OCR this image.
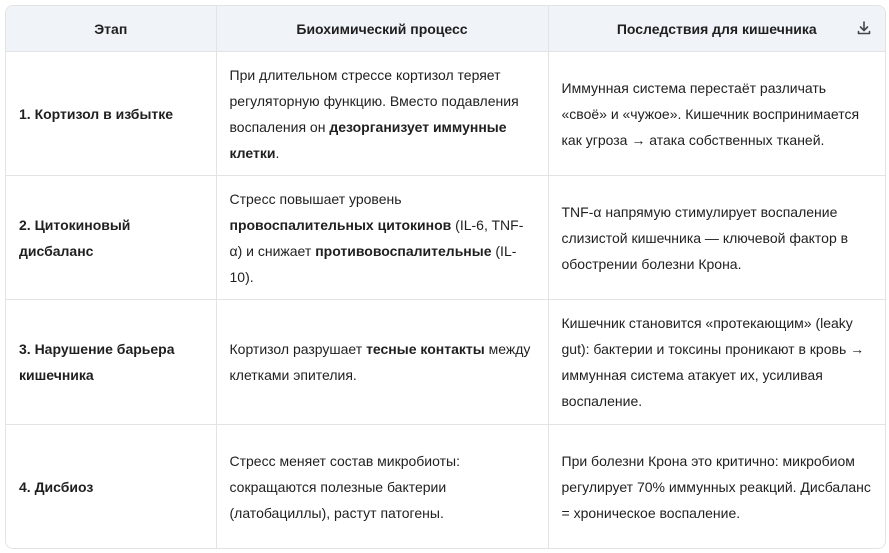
Этап	Биохимический процесс	Последствия для кишечника

1. Кортизол в избытке	При длительном стрессе кортизол теряет регуляторную функцию. Вместо подавления воспаления он дезорганизует иммунные клетки.	Иммунная система перестаёт различать «своё» и «чужое». Кишечник воспринимается как угроза → атака собственных тканей.
2. Цитокиновый дисбаланс	Стресс повышает уровень провоспалительных цитокинов (IL-6, TNF-α) и снижает противовоспалительные (IL-10).	TNF-α напрямую стимулирует воспаление слизистой кишечника — ключевой фактор в обострении болезни Крона.
3. Нарушение барьера кишечника	Кортизол разрушает тесные контакты между клетками эпителия.	Кишечник становится «протекающим» (leaky gut): бактерии и токсины проникают в кровь → иммунная система атакует их, усиливая воспаление.
4. Дисбиоз	Стресс меняет состав микробиоты: сокращаются полезные бактерии (латобациллы), растут патогены.	При болезни Крона это критично: микробиом регулирует 70% иммунных реакций. Дисбаланс = хроническое воспаление.
